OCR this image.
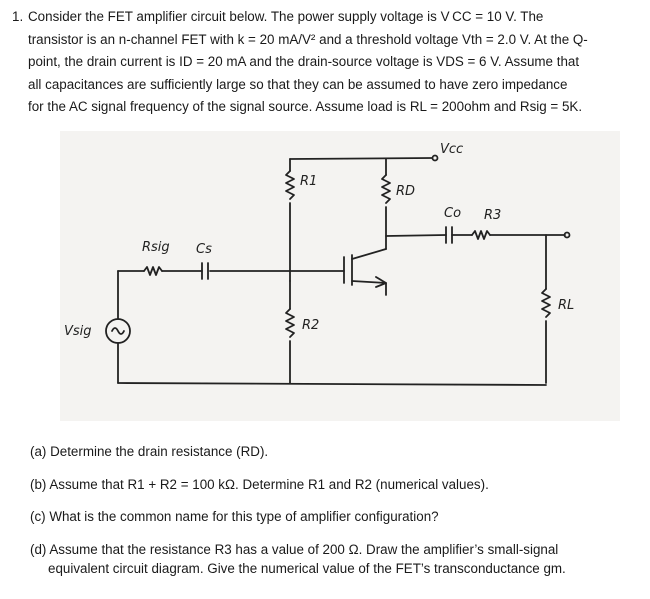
1. Consider the FET amplifier circuit below. The power supply voltage is V CC = 10 V. The
transistor is an n-channel FET with k = 20 mA/V² and a threshold voltage Vth = 2.0 V. At the Q-
point, the drain current is ID = 20 mA and the drain-source voltage is VDS = 6 V. Assume that
all capacitances are sufficiently large so that they can be assumed to have zero impedance
for the AC signal frequency of the signal source. Assume load is RL = 200ohm and Rsig = 5K.
Vcc
R1
RD
Co R3
Rsig Cs
R2
RL
Vsig
(a) Determine the drain resistance (RD).
(b) Assume that R1 + R2 = 100 kΩ. Determine R1 and R2 (numerical values).
(c) What is the common name for this type of amplifier configuration?
(d) Assume that the resistance R3 has a value of 200 Ω. Draw the amplifier’s small-signal
equivalent circuit diagram. Give the numerical value of the FET’s transconductance gm.
